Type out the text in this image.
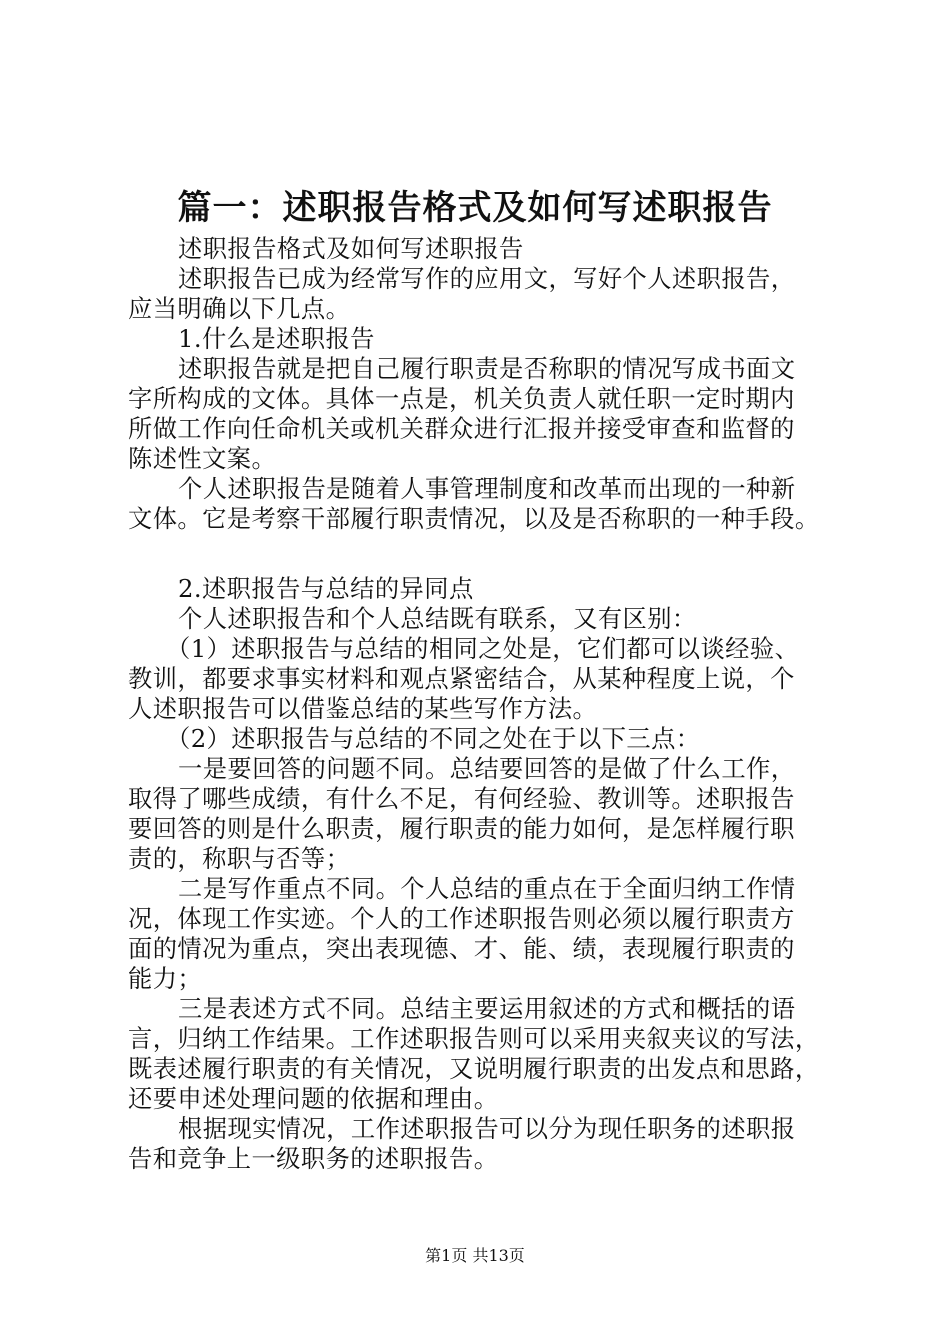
篇一：述职报告格式及如何写述职报告

述职报告格式及如何写述职报告

述职报告已成为经常写作的应用文，写好个人述职报告，

应当明确以下几点。

1.什么是述职报告

述职报告就是把自己履行职责是否称职的情况写成书面文

字所构成的文体。具体一点是，机关负责人就任职一定时期内

所做工作向任命机关或机关群众进行汇报并接受审查和监督的

陈述性文案。

个人述职报告是随着人事管理制度和改革而出现的一种新

文体。它是考察干部履行职责情况，以及是否称职的一种手段。

2.述职报告与总结的异同点

个人述职报告和个人总结既有联系，又有区别：

（1）述职报告与总结的相同之处是，它们都可以谈经验、

教训，都要求事实材料和观点紧密结合，从某种程度上说，个

人述职报告可以借鉴总结的某些写作方法。

（2）述职报告与总结的不同之处在于以下三点：

一是要回答的问题不同。总结要回答的是做了什么工作，

取得了哪些成绩，有什么不足，有何经验、教训等。述职报告

要回答的则是什么职责，履行职责的能力如何，是怎样履行职

责的，称职与否等；

二是写作重点不同。个人总结的重点在于全面归纳工作情

况，体现工作实迹。个人的工作述职报告则必须以履行职责方

面的情况为重点，突出表现德、才、能、绩，表现履行职责的

能力；

三是表述方式不同。总结主要运用叙述的方式和概括的语

言，归纳工作结果。工作述职报告则可以采用夹叙夹议的写法，

既表述履行职责的有关情况，又说明履行职责的出发点和思路，

还要申述处理问题的依据和理由。

根据现实情况，工作述职报告可以分为现任职务的述职报

告和竞争上一级职务的述职报告。

第1页 共13页
